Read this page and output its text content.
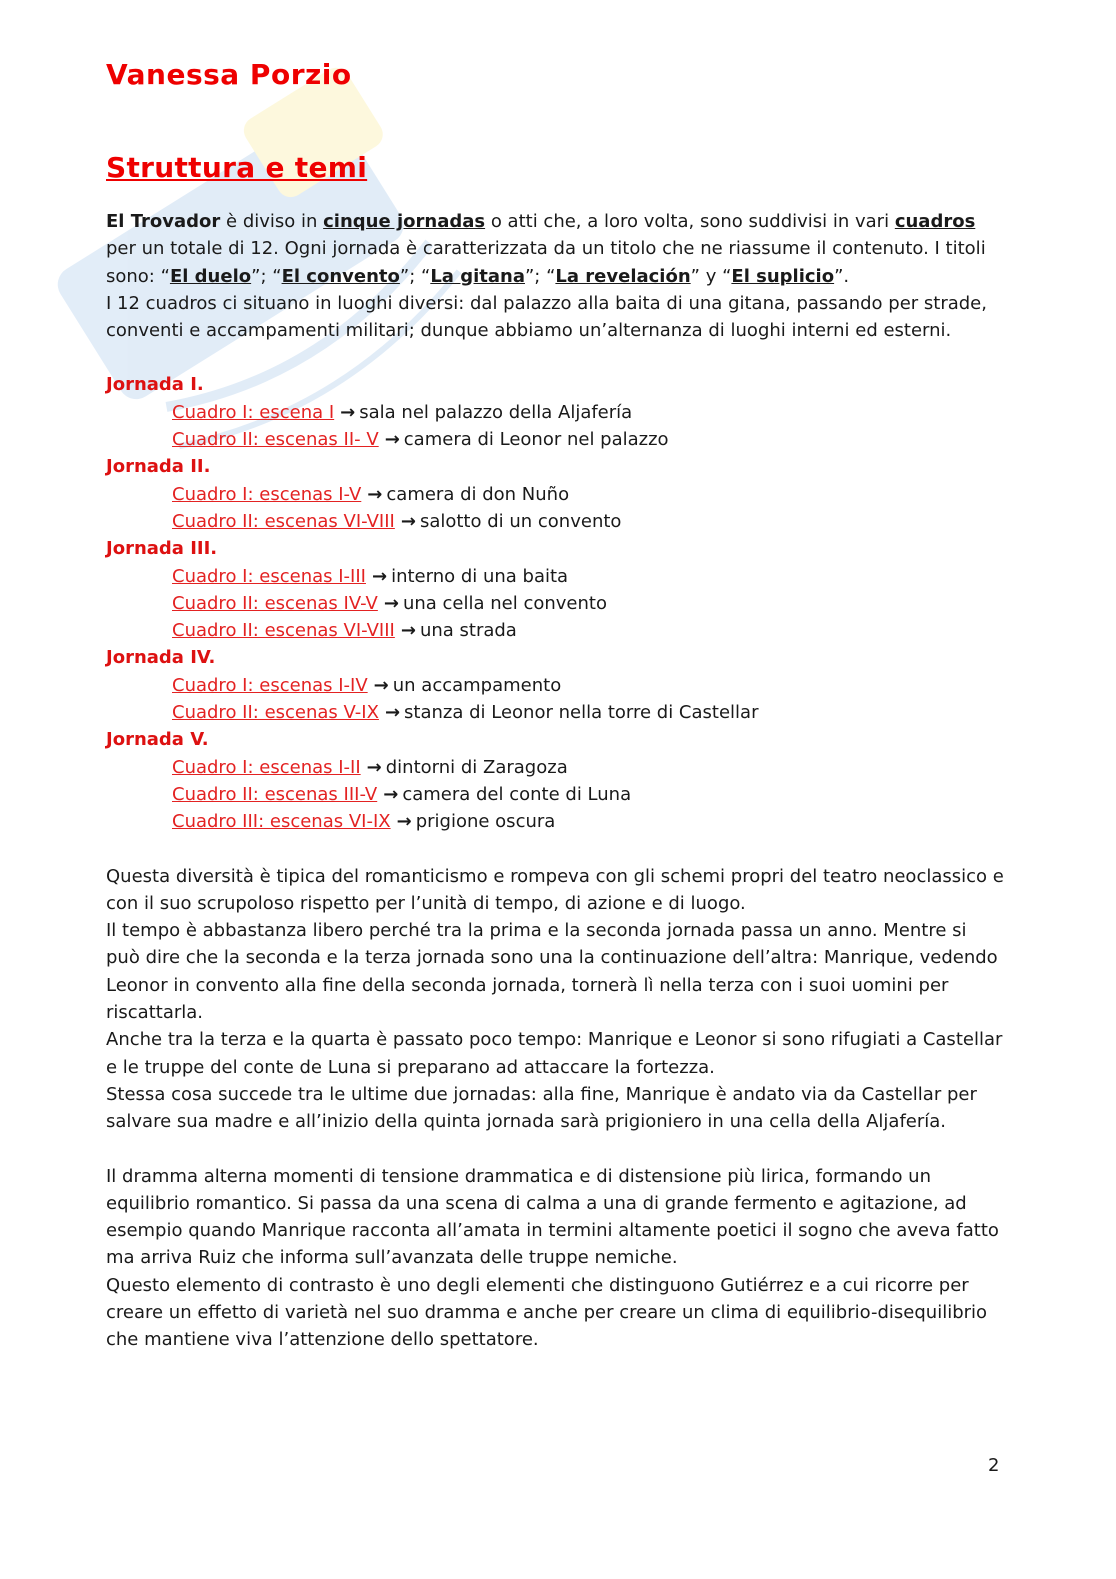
Vanessa Porzio
Struttura e temi

El Trovador è diviso in cinque jornadas o atti che, a loro volta, sono suddivisi in vari cuadros per un totale di 12. Ogni jornada è caratterizzata da un titolo che ne riassume il contenuto. I titoli sono: “El duelo”; “El convento”; “La gitana”; “La revelación” y “El suplicio”.

I 12 cuadros ci situano in luoghi diversi: dal palazzo alla baita di una gitana, passando per strade, conventi e accampamenti militari; dunque abbiamo un’alternanza di luoghi interni ed esterni.

Jornada I.
Cuadro I: escena I → sala nel palazzo della Aljafería
Cuadro II: escenas II- V → camera di Leonor nel palazzo
Jornada II.
Cuadro I: escenas I-V → camera di don Nuño
Cuadro II: escenas VI-VIII → salotto di un convento
Jornada III.
Cuadro I: escenas I-III → interno di una baita
Cuadro II: escenas IV-V → una cella nel convento
Cuadro II: escenas VI-VIII → una strada
Jornada IV.
Cuadro I: escenas I-IV → un accampamento
Cuadro II: escenas V-IX → stanza di Leonor nella torre di Castellar
Jornada V.
Cuadro I: escenas I-II → dintorni di Zaragoza
Cuadro II: escenas III-V → camera del conte di Luna
Cuadro III: escenas VI-IX → prigione oscura

Questa diversità è tipica del romanticismo e rompeva con gli schemi propri del teatro neoclassico e con il suo scrupoloso rispetto per l’unità di tempo, di azione e di luogo.

Il tempo è abbastanza libero perché tra la prima e la seconda jornada passa un anno. Mentre si può dire che la seconda e la terza jornada sono una la continuazione dell’altra: Manrique, vedendo Leonor in convento alla fine della seconda jornada, tornerà lì nella terza con i suoi uomini per riscattarla.

Anche tra la terza e la quarta è passato poco tempo: Manrique e Leonor si sono rifugiati a Castellar e le truppe del conte de Luna si preparano ad attaccare la fortezza.

Stessa cosa succede tra le ultime due jornadas: alla fine, Manrique è andato via da Castellar per salvare sua madre e all’inizio della quinta jornada sarà prigioniero in una cella della Aljafería.

Il dramma alterna momenti di tensione drammatica e di distensione più lirica, formando un equilibrio romantico. Si passa da una scena di calma a una di grande fermento e agitazione, ad esempio quando Manrique racconta all’amata in termini altamente poetici il sogno che aveva fatto ma arriva Ruiz che informa sull’avanzata delle truppe nemiche.

Questo elemento di contrasto è uno degli elementi che distinguono Gutiérrez e a cui ricorre per creare un effetto di varietà nel suo dramma e anche per creare un clima di equilibrio-disequilibrio che mantiene viva l’attenzione dello spettatore.

2
